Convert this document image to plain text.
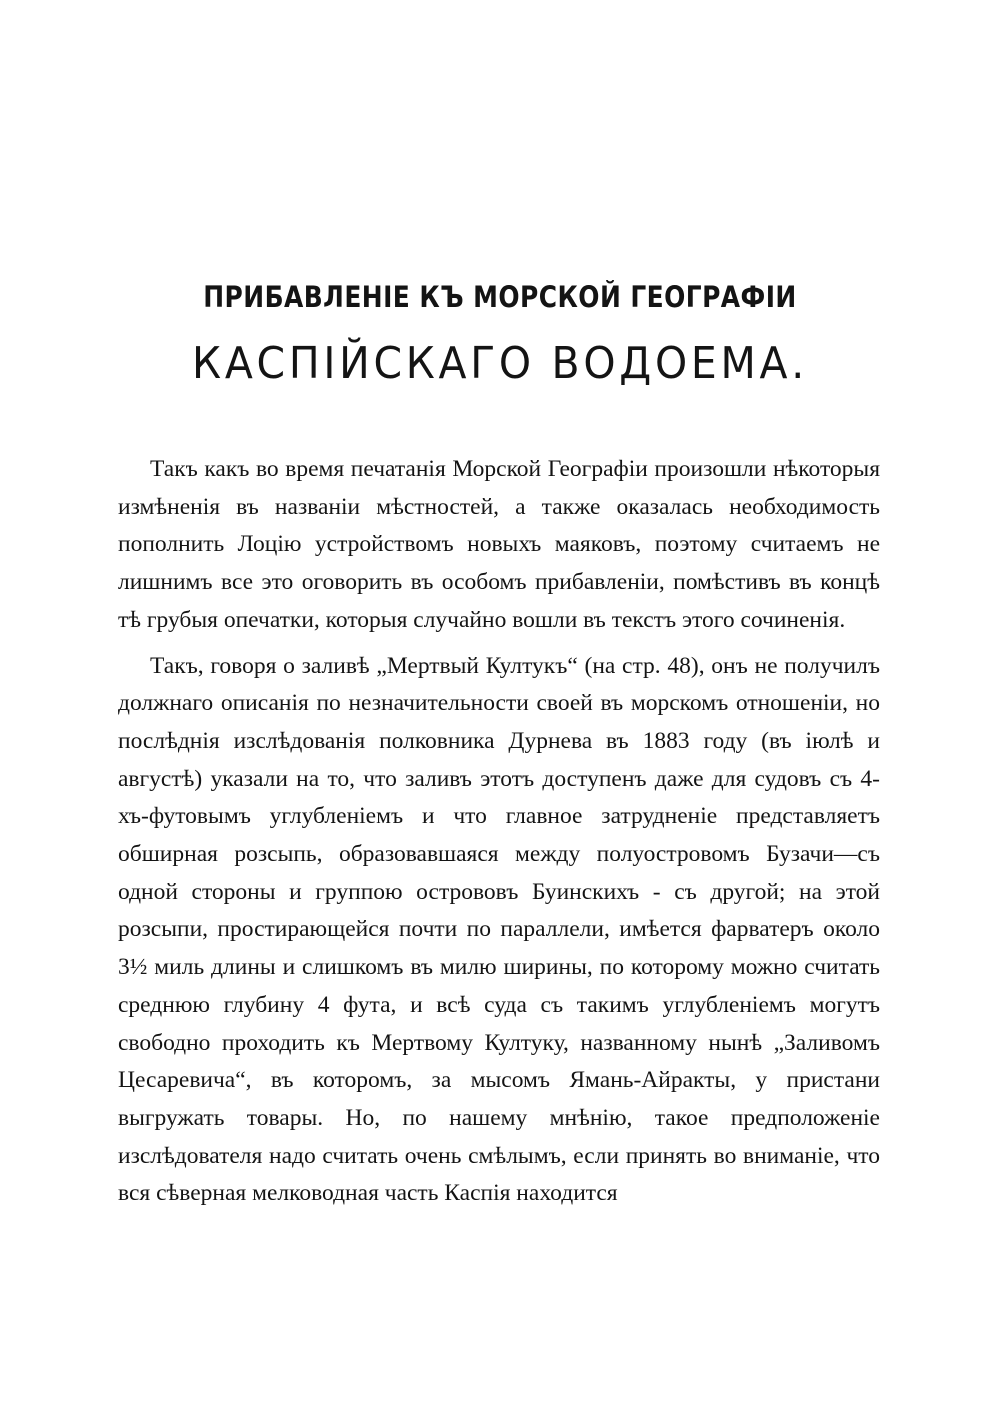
ПРИБАВЛЕНІЕ КЪ МОРСКОЙ ГЕОГРАФІИ
КАСПІЙСКАГО ВОДОЕМА.

Такъ какъ во время печатанія Морской Географіи произошли нѣкоторыя измѣненія въ названіи мѣстностей, а также оказалась необходимость пополнить Лоцію устройствомъ новыхъ маяковъ, поэтому считаемъ не лишнимъ все это оговорить въ особомъ прибавленіи, помѣстивъ въ концѣ тѣ грубыя опечатки, которыя случайно вошли въ текстъ этого сочиненія.

Такъ, говоря о заливѣ „Мертвый Култукъ“ (на стр. 48), онъ не получилъ должнаго описанія по незначительности своей въ морскомъ отношеніи, но послѣднія изслѣдованія полковника Дурнева въ 1883 году (въ іюлѣ и августѣ) указали на то, что заливъ этотъ доступенъ даже для судовъ съ 4-хъ-футовымъ углубленіемъ и что главное затрудненіе представляетъ обширная розсыпь, образовавшаяся между полуостровомъ Бузачи—съ одной стороны и группою острововъ Буинскихъ - съ другой; на этой розсыпи, простирающейся почти по параллели, имѣется фарватеръ около 3½ миль длины и слишкомъ въ милю ширины, по которому можно считать среднюю глубину 4 фута, и всѣ суда съ такимъ углубленіемъ могутъ свободно проходить къ Мертвому Култуку, названному нынѣ „Заливомъ Цесаревича“, въ которомъ, за мысомъ Ямань-Айракты, у пристани выгружать товары. Но, по нашему мнѣнію, такое предположеніе изслѣдователя надо считать очень смѣлымъ, если принять во вниманіе, что вся сѣверная мелководная часть Каспія находится
